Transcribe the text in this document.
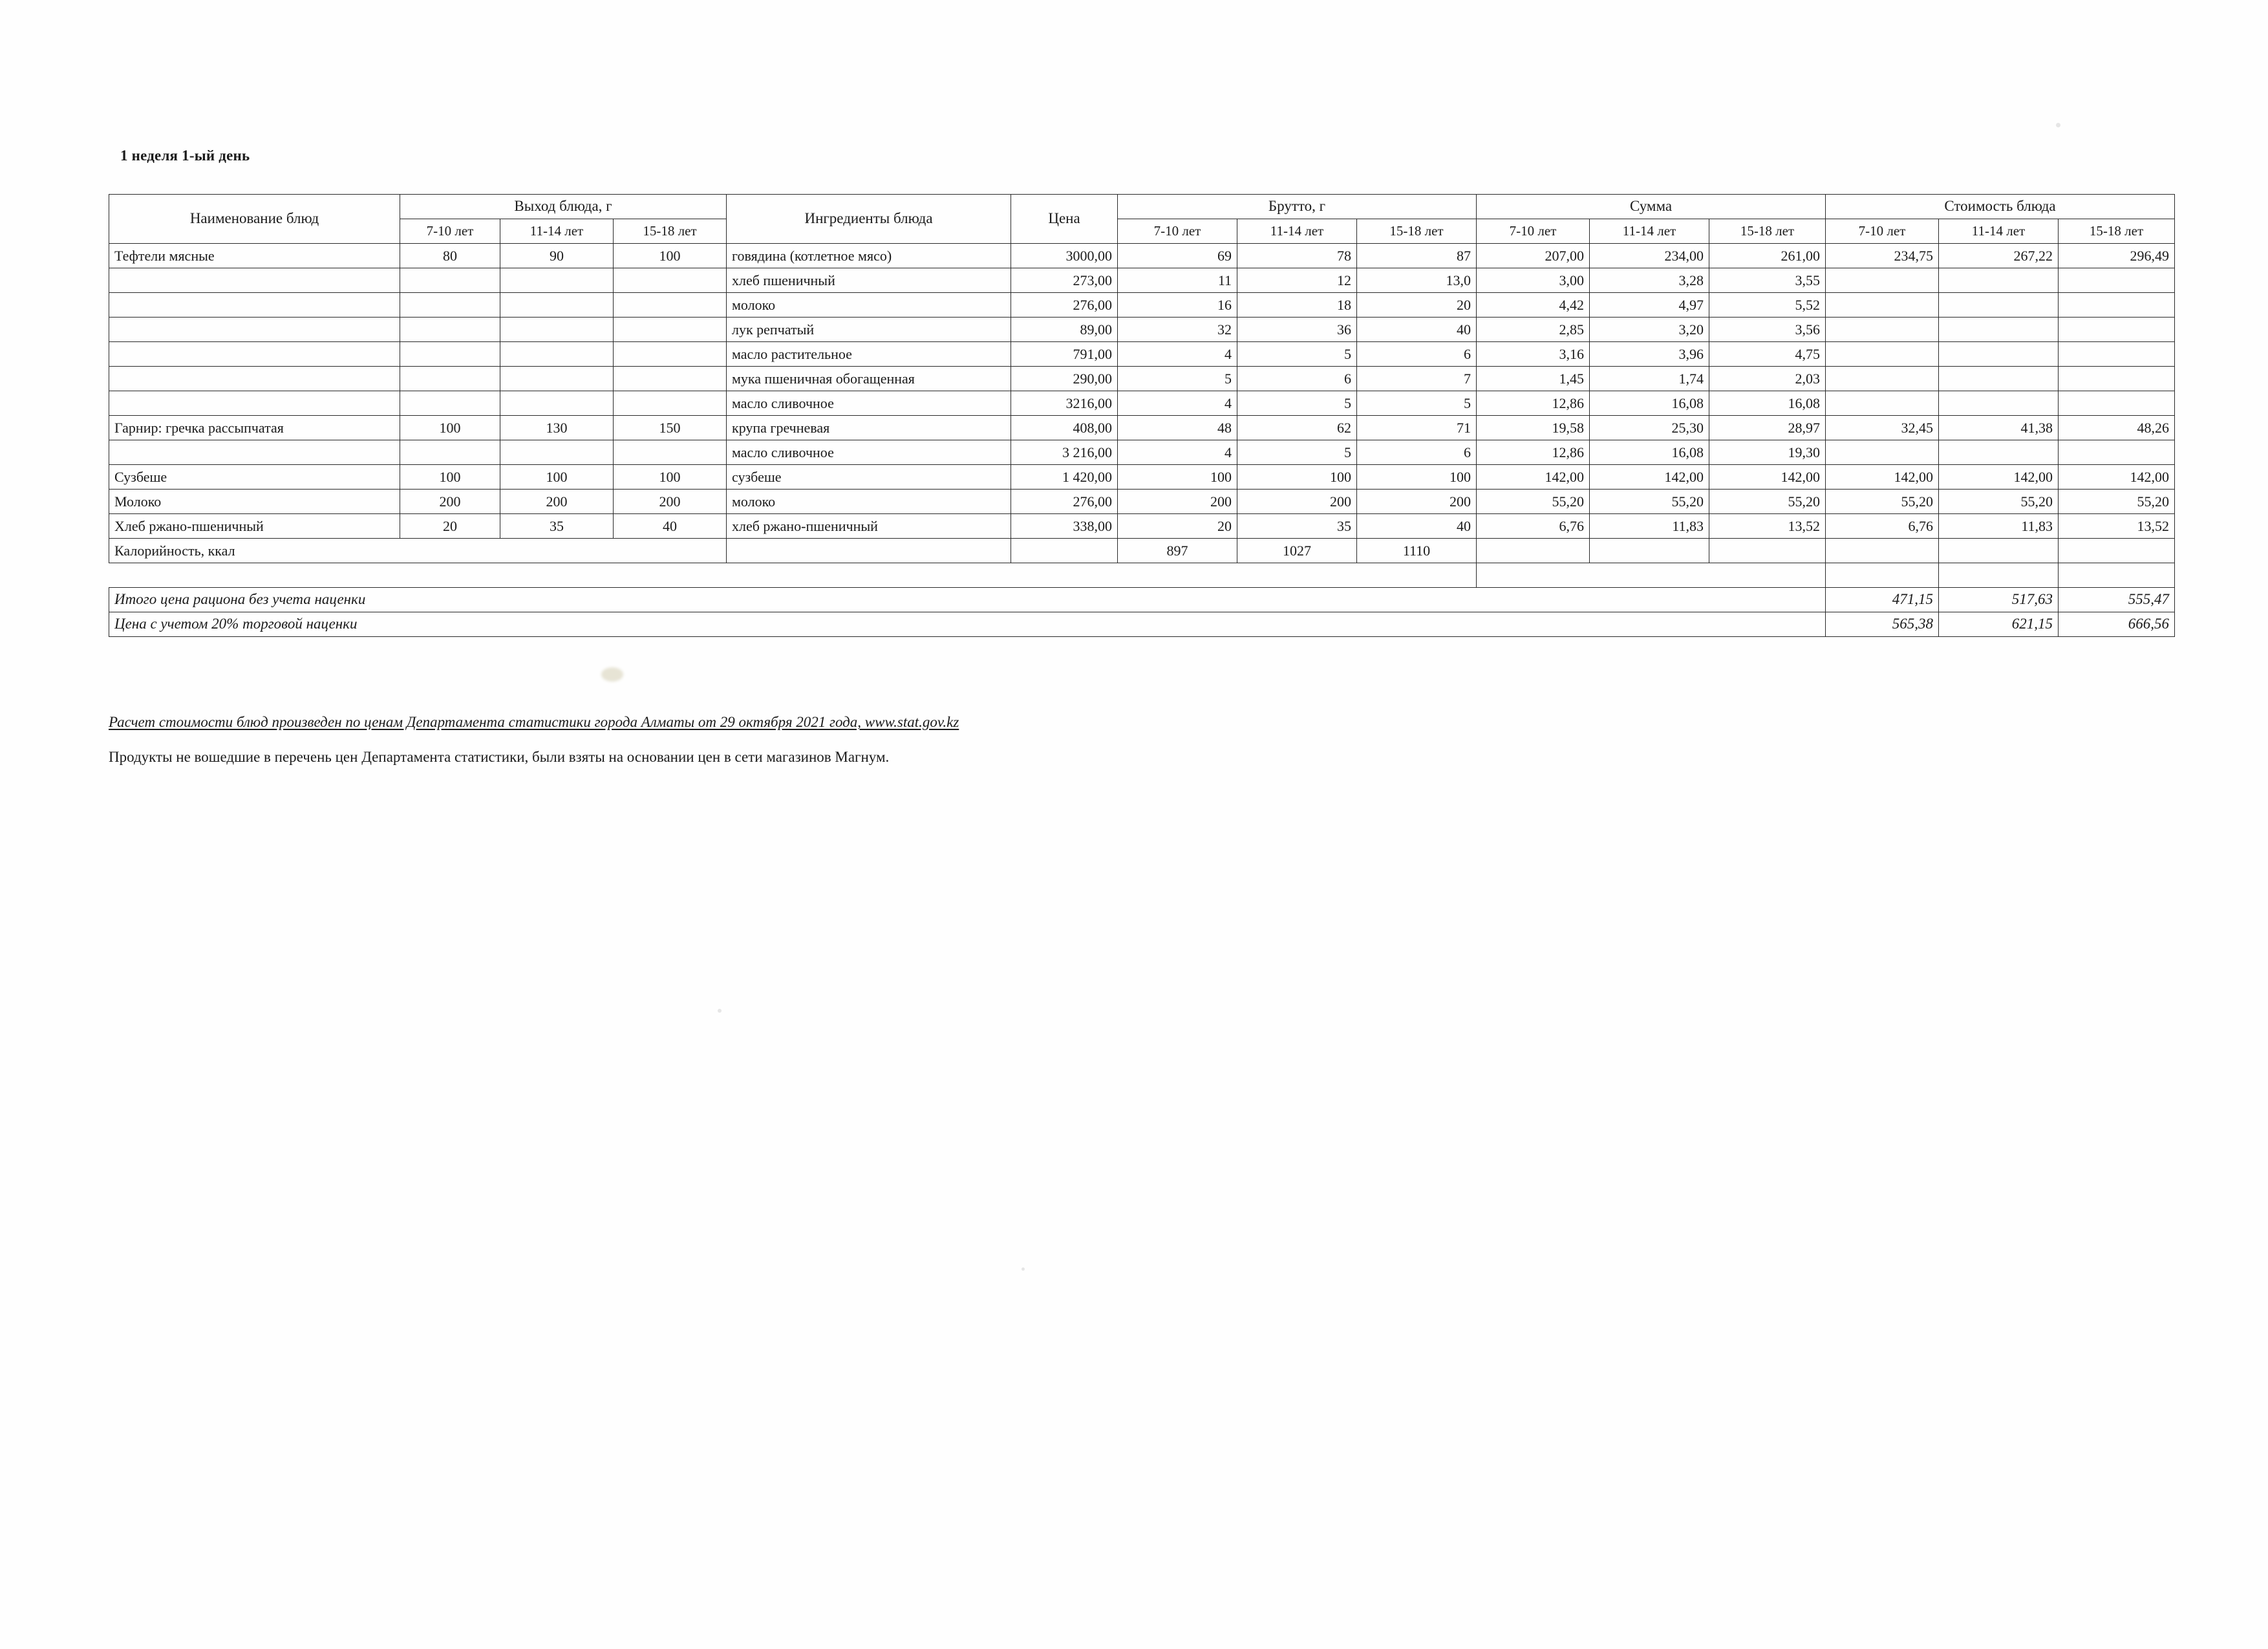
1 неделя 1-ый день
Наименование блюд	Выход блюда, г			Ингредиенты блюда	Цена	Брутто, г			Сумма			Стоимость блюда		
	7-10 лет	11-14 лет	15-18 лет			7-10 лет	11-14 лет	15-18 лет	7-10 лет	11-14 лет	15-18 лет	7-10 лет	11-14 лет	15-18 лет
Тефтели мясные	80	90	100	говядина (котлетное мясо)	3000,00	69	78	87	207,00	234,00	261,00	234,75	267,22	296,49
				хлеб пшеничный	273,00	11	12	13,0	3,00	3,28	3,55			
				молоко	276,00	16	18	20	4,42	4,97	5,52			
				лук репчатый	89,00	32	36	40	2,85	3,20	3,56			
				масло растительное	791,00	4	5	6	3,16	3,96	4,75			
				мука пшеничная обогащенная	290,00	5	6	7	1,45	1,74	2,03			
				масло сливочное	3216,00	4	5	5	12,86	16,08	16,08			
Гарнир: гречка рассыпчатая	100	130	150	крупа гречневая	408,00	48	62	71	19,58	25,30	28,97	32,45	41,38	48,26
				масло сливочное	3 216,00	4	5	6	12,86	16,08	19,30			
Сузбеше	100	100	100	сузбеше	1 420,00	100	100	100	142,00	142,00	142,00	142,00	142,00	142,00
Молоко	200	200	200	молоко	276,00	200	200	200	55,20	55,20	55,20	55,20	55,20	55,20
Хлеб ржано-пшеничный	20	35	40	хлеб ржано-пшеничный	338,00	20	35	40	6,76	11,83	13,52	6,76	11,83	13,52
Калорийность, ккал						897	1027	1110						

Итого цена рациона без учета наценки												471,15	517,63	555,47
Цена с учетом 20% торговой наценки												565,38	621,15	666,56
Расчет стоимости блюд произведен по ценам Департамента статистики города Алматы от 29 октября 2021 года, www.stat.gov.kz
Продукты не вошедшие в перечень цен Департамента статистики, были взяты на основании цен в сети магазинов Магнум.
